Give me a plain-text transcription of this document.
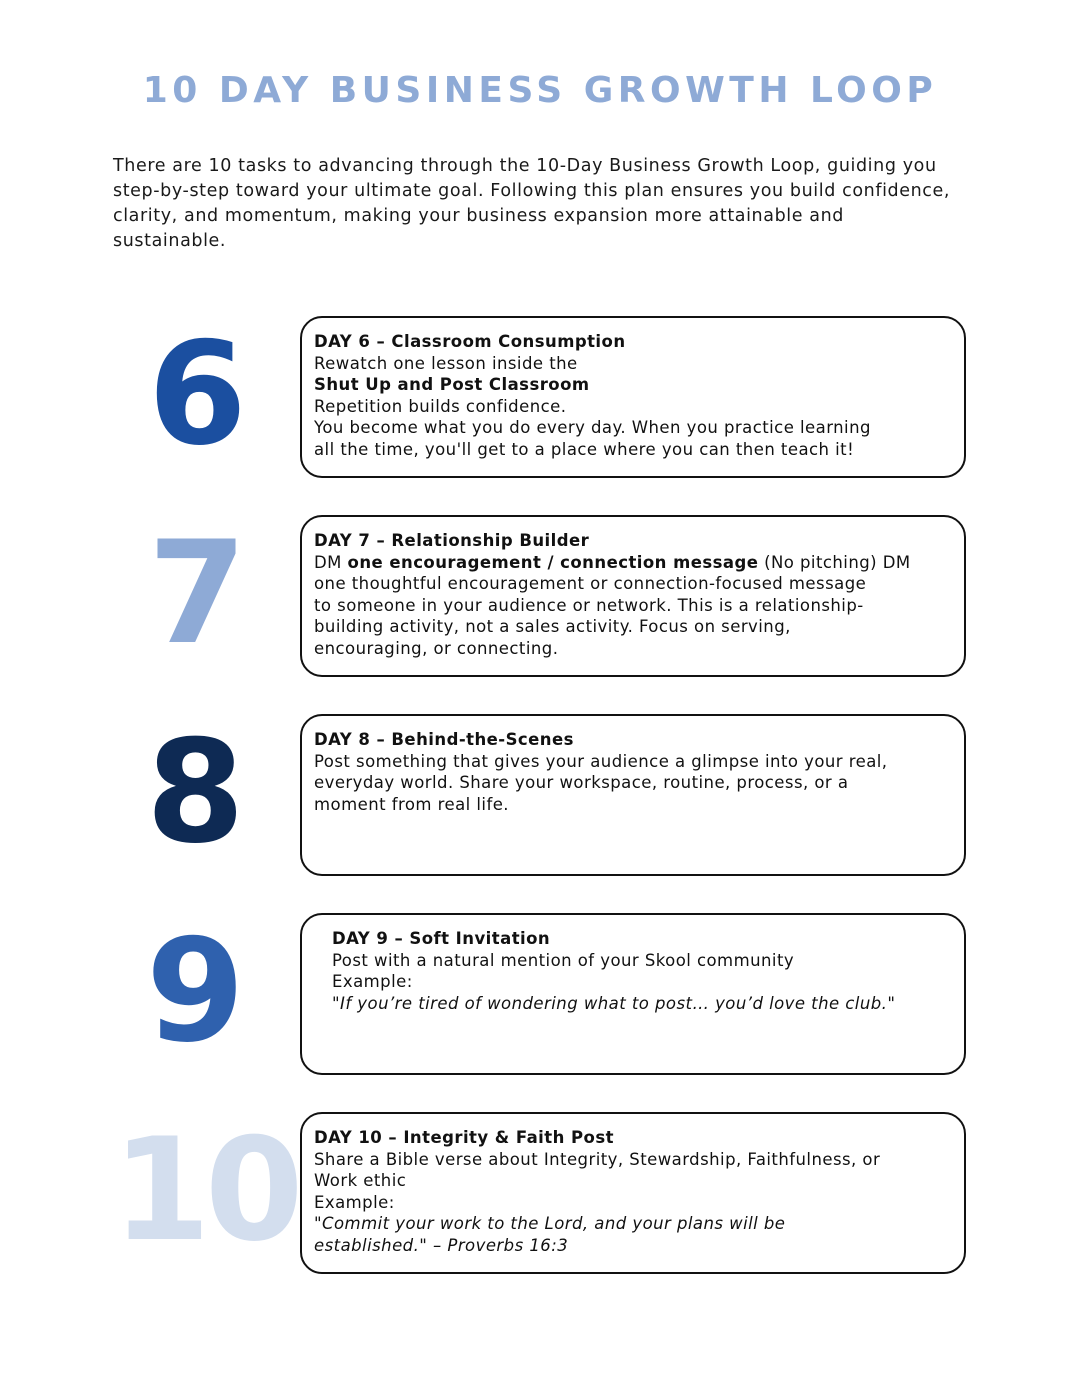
10 DAY BUSINESS GROWTH LOOP

There are 10 tasks to advancing through the 10-Day Business Growth Loop, guiding you step-by-step toward your ultimate goal. Following this plan ensures you build confidence, clarity, and momentum, making your business expansion more attainable and sustainable.

6	DAY 6 – Classroom Consumption
Rewatch one lesson inside the
Shut Up and Post Classroom
Repetition builds confidence.
You become what you do every day. When you practice learning
all the time, you'll get to a place where you can then teach it!
7	DAY 7 – Relationship Builder
DM one encouragement / connection message (No pitching) DM
one thoughtful encouragement or connection-focused message
to someone in your audience or network. This is a relationship-
building activity, not a sales activity. Focus on serving,
encouraging, or connecting.
8	DAY 8 – Behind-the-Scenes
Post something that gives your audience a glimpse into your real,
everyday world. Share your workspace, routine, process, or a
moment from real life.
9	DAY 9 – Soft Invitation
Post with a natural mention of your Skool community
Example:
"If you’re tired of wondering what to post… you’d love the club."
10 DAY 10 – Integrity & Faith Post
Share a Bible verse about Integrity, Stewardship, Faithfulness, or
Work ethic
Example:
"Commit your work to the Lord, and your plans will be
established." – Proverbs 16:3
